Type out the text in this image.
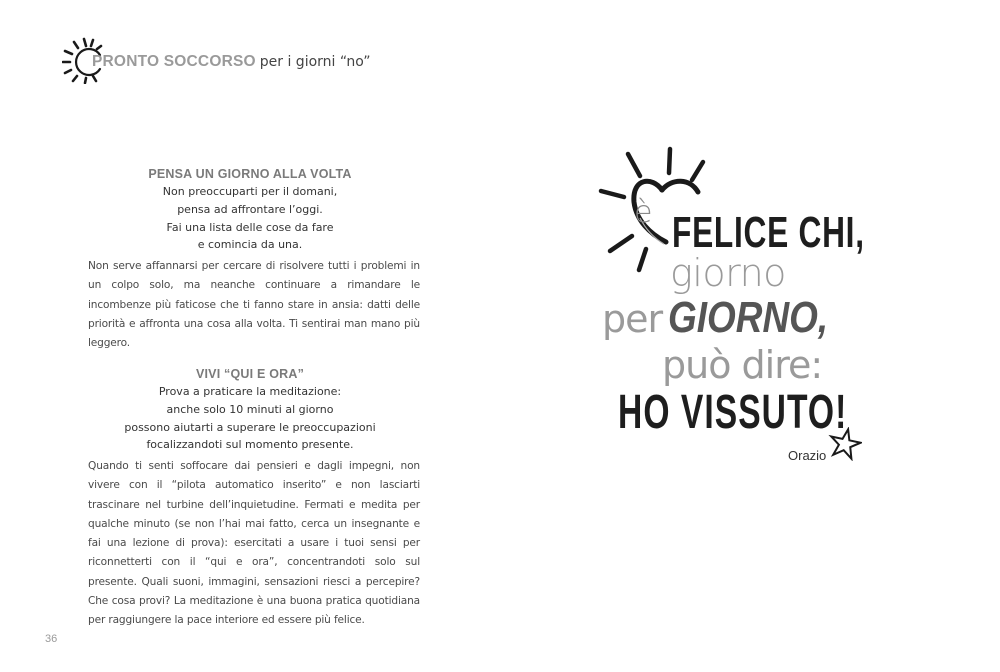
PRONTO SOCCORSO per i giorni “no”
PENSA UN GIORNO ALLA VOLTA
Non preoccuparti per il domani,
pensa ad affrontare l’oggi.
Fai una lista delle cose da fare
e comincia da una.
Non serve affannarsi per cercare di risolvere tutti i problemi in un colpo solo, ma neanche continuare a rimandare le incombenze più faticose che ti fanno stare in ansia: datti delle priorità e affronta una cosa alla volta. Ti sentirai man mano più leggero.
VIVI “QUI E ORA”
Prova a praticare la meditazione:
anche solo 10 minuti al giorno
possono aiutarti a superare le preoccupazioni
focalizzandoti sul momento presente.
Quando ti senti soffocare dai pensieri e dagli impegni, non vivere con il “pilota automatico inserito” e non lasciarti trascinare nel turbine dell’inquietudine. Fermati e medita per qualche minuto (se non l’hai mai fatto, cerca un insegnante e fai una lezione di prova): esercitati a usare i tuoi sensi per riconnetterti con il “qui e ora”, concentrandoti solo sul presente. Quali suoni, immagini, sensazioni riesci a percepire? Che cosa provi? La meditazione è una buona pratica quotidiana per raggiungere la pace interiore ed essere più felice.
36
è FELICE CHI,
giorno
per GIORNO,
può dire:
HO VISSUTO!
Orazio
